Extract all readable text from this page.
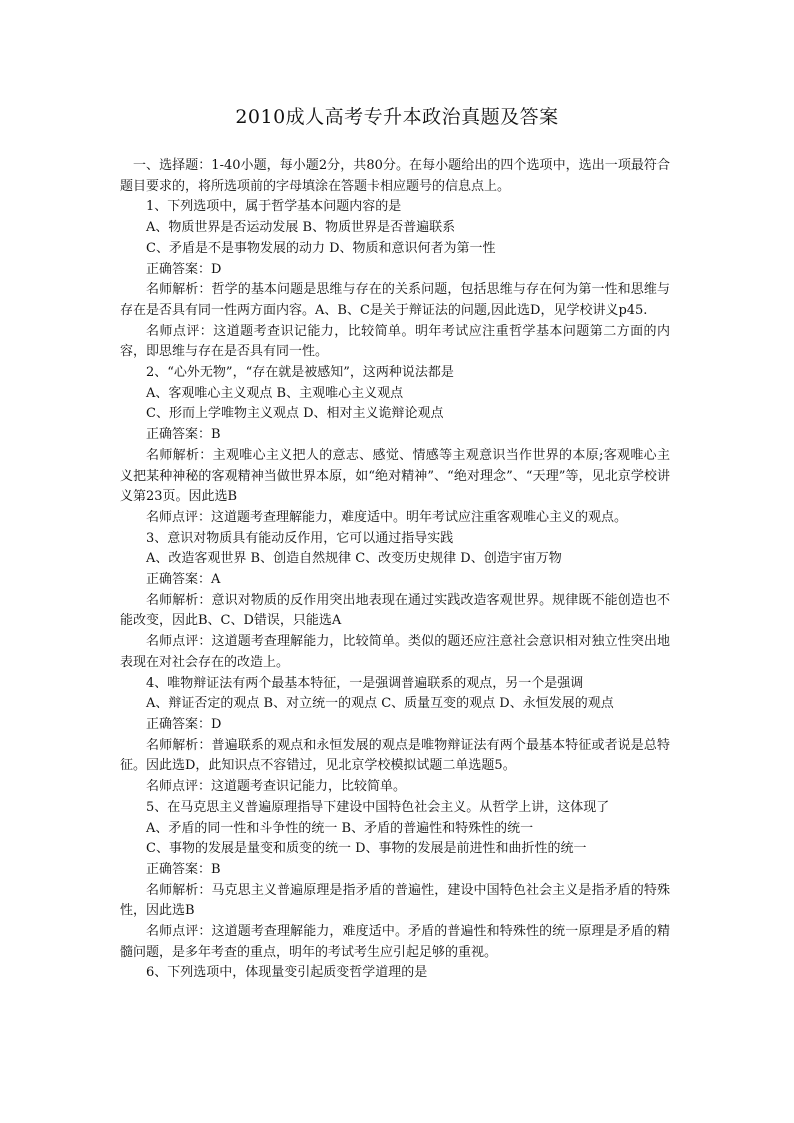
2010成人高考专升本政治真题及答案

一、选择题：1-40小题，每小题2分，共80分。在每小题给出的四个选项中，选出一项最符合题目要求的，将所选项前的字母填涂在答题卡相应题号的信息点上。

1、下列选项中，属于哲学基本问题内容的是

A、物质世界是否运动发展 B、物质世界是否普遍联系

C、矛盾是不是事物发展的动力 D、物质和意识何者为第一性

正确答案：D

名师解析：哲学的基本问题是思维与存在的关系问题，包括思维与存在何为第一性和思维与存在是否具有同一性两方面内容。A、B、C是关于辩证法的问题,因此选D，见学校讲义p45.

名师点评：这道题考查识记能力，比较简单。明年考试应注重哲学基本问题第二方面的内容，即思维与存在是否具有同一性。

2、“心外无物”，“存在就是被感知”，这两种说法都是

A、客观唯心主义观点 B、主观唯心主义观点

C、形而上学唯物主义观点 D、相对主义诡辩论观点

正确答案：B

名师解析：主观唯心主义把人的意志、感觉、情感等主观意识当作世界的本原;客观唯心主义把某种神秘的客观精神当做世界本原，如“绝对精神”、“绝对理念”、“天理”等，见北京学校讲义第23页。因此选B

名师点评：这道题考查理解能力，难度适中。明年考试应注重客观唯心主义的观点。

3、意识对物质具有能动反作用，它可以通过指导实践

A、改造客观世界 B、创造自然规律 C、改变历史规律 D、创造宇宙万物

正确答案：A

名师解析：意识对物质的反作用突出地表现在通过实践改造客观世界。规律既不能创造也不能改变，因此B、C、D错误，只能选A

名师点评：这道题考查理解能力，比较简单。类似的题还应注意社会意识相对独立性突出地表现在对社会存在的改造上。

4、唯物辩证法有两个最基本特征，一是强调普遍联系的观点，另一个是强调

A、辩证否定的观点 B、对立统一的观点 C、质量互变的观点 D、永恒发展的观点

正确答案：D

名师解析：普遍联系的观点和永恒发展的观点是唯物辩证法有两个最基本特征或者说是总特征。因此选D，此知识点不容错过，见北京学校模拟试题二单选题5。

名师点评：这道题考查识记能力，比较简单。

5、在马克思主义普遍原理指导下建设中国特色社会主义。从哲学上讲，这体现了

A、矛盾的同一性和斗争性的统一 B、矛盾的普遍性和特殊性的统一

C、事物的发展是量变和质变的统一 D、事物的发展是前进性和曲折性的统一

正确答案：B

名师解析：马克思主义普遍原理是指矛盾的普遍性，建设中国特色社会主义是指矛盾的特殊性，因此选B

名师点评：这道题考查理解能力，难度适中。矛盾的普遍性和特殊性的统一原理是矛盾的精髓问题，是多年考查的重点，明年的考试考生应引起足够的重视。

6、下列选项中，体现量变引起质变哲学道理的是
